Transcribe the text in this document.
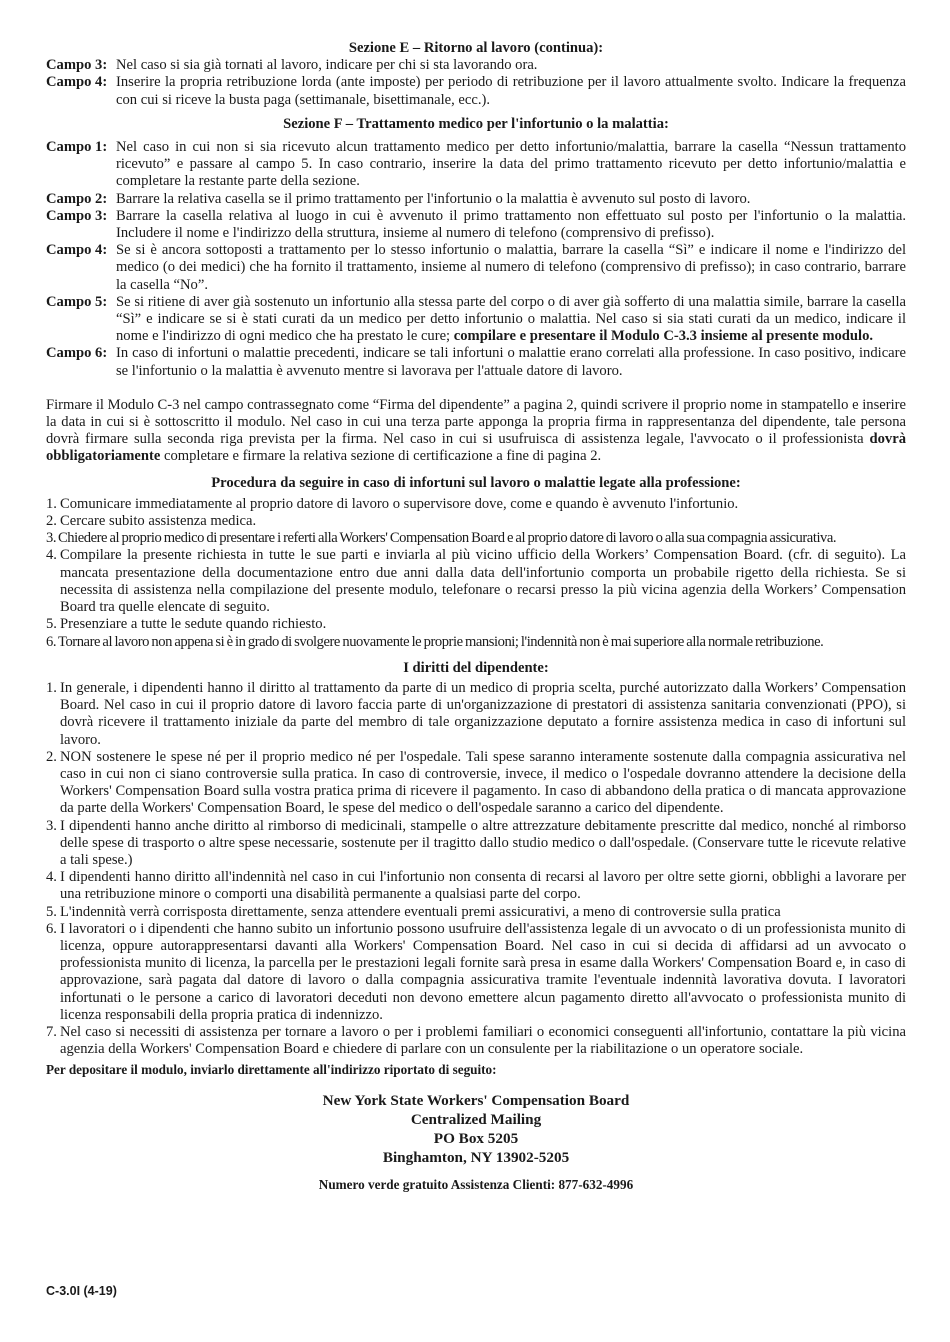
Sezione E – Ritorno al lavoro (continua):

Campo 3: Nel caso si sia già tornati al lavoro, indicare per chi si sta lavorando ora.
Campo 4: Inserire la propria retribuzione lorda (ante imposte) per periodo di retribuzione per il lavoro attualmente svolto. Indicare la frequenza con cui si riceve la busta paga (settimanale, bisettimanale, ecc.).

Sezione F – Trattamento medico per l'infortunio o la malattia:

Campo 1: Nel caso in cui non si sia ricevuto alcun trattamento medico per detto infortunio/malattia, barrare la casella “Nessun trattamento ricevuto” e passare al campo 5. In caso contrario, inserire la data del primo trattamento ricevuto per detto infortunio/malattia e completare la restante parte della sezione.
Campo 2: Barrare la relativa casella se il primo trattamento per l'infortunio o la malattia è avvenuto sul posto di lavoro.
Campo 3: Barrare la casella relativa al luogo in cui è avvenuto il primo trattamento non effettuato sul posto per l'infortunio o la malattia. Includere il nome e l'indirizzo della struttura, insieme al numero di telefono (comprensivo di prefisso).
Campo 4: Se si è ancora sottoposti a trattamento per lo stesso infortunio o malattia, barrare la casella “Sì” e indicare il nome e l'indirizzo del medico (o dei medici) che ha fornito il trattamento, insieme al numero di telefono (comprensivo di prefisso); in caso contrario, barrare la casella “No”.
Campo 5: Se si ritiene di aver già sostenuto un infortunio alla stessa parte del corpo o di aver già sofferto di una malattia simile, barrare la casella “Sì” e indicare se si è stati curati da un medico per detto infortunio o malattia. Nel caso si sia stati curati da un medico, indicare il nome e l'indirizzo di ogni medico che ha prestato le cure; compilare e presentare il Modulo C-3.3 insieme al presente modulo.
Campo 6: In caso di infortuni o malattie precedenti, indicare se tali infortuni o malattie erano correlati alla professione. In caso positivo, indicare se l'infortunio o la malattia è avvenuto mentre si lavorava per l'attuale datore di lavoro.

Firmare il Modulo C-3 nel campo contrassegnato come “Firma del dipendente” a pagina 2, quindi scrivere il proprio nome in stampatello e inserire la data in cui si è sottoscritto il modulo. Nel caso in cui una terza parte apponga la propria firma in rappresentanza del dipendente, tale persona dovrà firmare sulla seconda riga prevista per la firma. Nel caso in cui si usufruisca di assistenza legale, l'avvocato o il professionista dovrà obbligatoriamente completare e firmare la relativa sezione di certificazione a fine di pagina 2.

Procedura da seguire in caso di infortuni sul lavoro o malattie legate alla professione:

1. Comunicare immediatamente al proprio datore di lavoro o supervisore dove, come e quando è avvenuto l'infortunio.
2. Cercare subito assistenza medica.
3. Chiedere al proprio medico di presentare i referti alla Workers' Compensation Board e al proprio datore di lavoro o alla sua compagnia assicurativa.
4. Compilare la presente richiesta in tutte le sue parti e inviarla al più vicino ufficio della Workers’ Compensation Board. (cfr. di seguito). La mancata presentazione della documentazione entro due anni dalla data dell'infortunio comporta un probabile rigetto della richiesta. Se si necessita di assistenza nella compilazione del presente modulo, telefonare o recarsi presso la più vicina agenzia della Workers’ Compensation Board tra quelle elencate di seguito.
5. Presenziare a tutte le sedute quando richiesto.
6. Tornare al lavoro non appena si è in grado di svolgere nuovamente le proprie mansioni; l'indennità non è mai superiore alla normale retribuzione.

I diritti del dipendente:

1. In generale, i dipendenti hanno il diritto al trattamento da parte di un medico di propria scelta, purché autorizzato dalla Workers’ Compensation Board. Nel caso in cui il proprio datore di lavoro faccia parte di un'organizzazione di prestatori di assistenza sanitaria convenzionati (PPO), si dovrà ricevere il trattamento iniziale da parte del membro di tale organizzazione deputato a fornire assistenza medica in caso di infortuni sul lavoro.
2. NON sostenere le spese né per il proprio medico né per l'ospedale. Tali spese saranno interamente sostenute dalla compagnia assicurativa nel caso in cui non ci siano controversie sulla pratica. In caso di controversie, invece, il medico o l'ospedale dovranno attendere la decisione della Workers' Compensation Board sulla vostra pratica prima di ricevere il pagamento. In caso di abbandono della pratica o di mancata approvazione da parte della Workers' Compensation Board, le spese del medico o dell'ospedale saranno a carico del dipendente.
3. I dipendenti hanno anche diritto al rimborso di medicinali, stampelle o altre attrezzature debitamente prescritte dal medico, nonché al rimborso delle spese di trasporto o altre spese necessarie, sostenute per il tragitto dallo studio medico o dall'ospedale. (Conservare tutte le ricevute relative a tali spese.)
4. I dipendenti hanno diritto all'indennità nel caso in cui l'infortunio non consenta di recarsi al lavoro per oltre sette giorni, obblighi a lavorare per una retribuzione minore o comporti una disabilità permanente a qualsiasi parte del corpo.
5. L'indennità verrà corrisposta direttamente, senza attendere eventuali premi assicurativi, a meno di controversie sulla pratica
6. I lavoratori o i dipendenti che hanno subito un infortunio possono usufruire dell'assistenza legale di un avvocato o di un professionista munito di licenza, oppure autorappresentarsi davanti alla Workers' Compensation Board. Nel caso in cui si decida di affidarsi ad un avvocato o professionista munito di licenza, la parcella per le prestazioni legali fornite sarà presa in esame dalla Workers' Compensation Board e, in caso di approvazione, sarà pagata dal datore di lavoro o dalla compagnia assicurativa tramite l'eventuale indennità lavorativa dovuta. I lavoratori infortunati o le persone a carico di lavoratori deceduti non devono emettere alcun pagamento diretto all'avvocato o professionista munito di licenza responsabili della propria pratica di indennizzo.
7. Nel caso si necessiti di assistenza per tornare a lavoro o per i problemi familiari o economici conseguenti all'infortunio, contattare la più vicina agenzia della Workers' Compensation Board e chiedere di parlare con un consulente per la riabilitazione o un operatore sociale.

Per depositare il modulo, inviarlo direttamente all'indirizzo riportato di seguito:

New York State Workers' Compensation Board
Centralized Mailing
PO Box 5205
Binghamton, NY 13902-5205

Numero verde gratuito Assistenza Clienti: 877-632-4996

C-3.0I (4-19)
